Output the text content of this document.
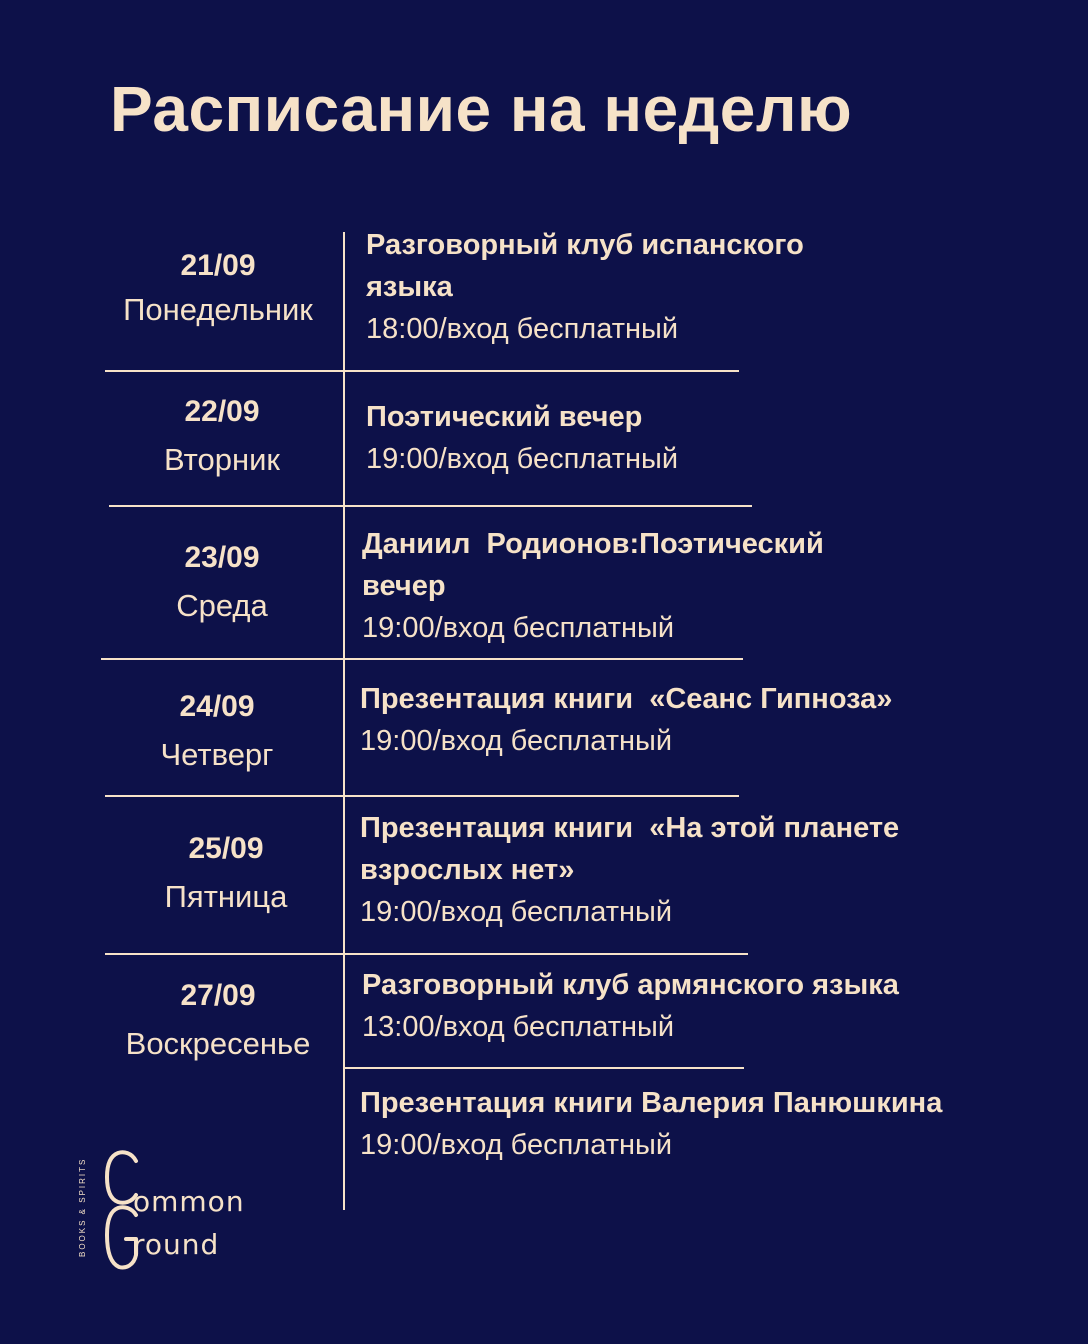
Расписание на неделю
21/09
Понедельник
Разговорный клуб испанского
языка
18:00/вход бесплатный
22/09
Вторник
Поэтический вечер
19:00/вход бесплатный
23/09
Среда
Даниил  Родионов:Поэтический
вечер
19:00/вход бесплатный
24/09
Четверг
Презентация книги  «Сеанс Гипноза»
19:00/вход бесплатный
25/09
Пятница
Презентация книги  «На этой планете
взрослых нет»
19:00/вход бесплатный
27/09
Воскресенье
Разговорный клуб армянского языка
13:00/вход бесплатный
Презентация книги Валерия Панюшкина
19:00/вход бесплатный
BOOKS & SPIRITS ommon
round
